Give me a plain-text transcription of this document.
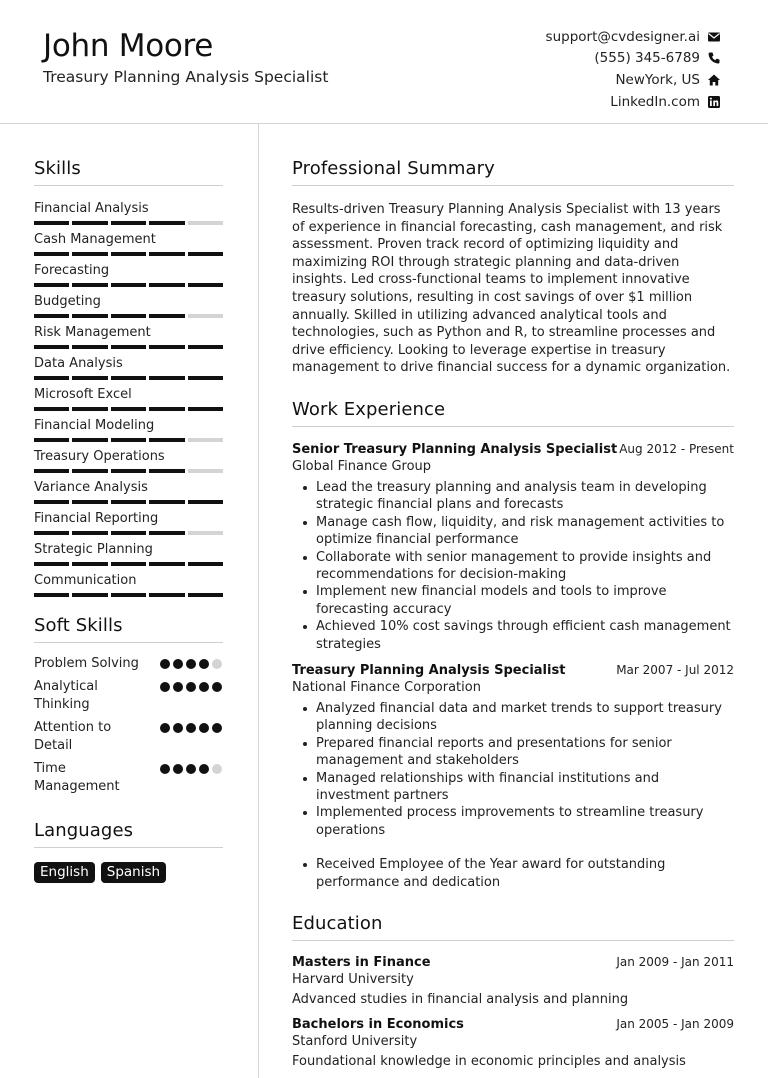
John Moore
Treasury Planning Analysis Specialist
support@cvdesigner.ai
(555) 345-6789
NewYork, US
LinkedIn.com
Skills
Financial Analysis
Cash Management
Forecasting
Budgeting
Risk Management
Data Analysis
Microsoft Excel
Financial Modeling
Treasury Operations
Variance Analysis
Financial Reporting
Strategic Planning
Communication
Soft Skills
Problem Solving
Analytical Thinking
Attention to Detail
Time Management
Languages
English	Spanish
Professional Summary
Results-driven Treasury Planning Analysis Specialist with 13 years of experience in financial forecasting, cash management, and risk assessment. Proven track record of optimizing liquidity and maximizing ROI through strategic planning and data-driven insights. Led cross-functional teams to implement innovative treasury solutions, resulting in cost savings of over $1 million annually. Skilled in utilizing advanced analytical tools and technologies, such as Python and R, to streamline processes and drive efficiency. Looking to leverage expertise in treasury management to drive financial success for a dynamic organization.
Work Experience
Senior Treasury Planning Analysis Specialist Aug 2012 - Present
Global Finance Group
Lead the treasury planning and analysis team in developing strategic financial plans and forecasts
Manage cash flow, liquidity, and risk management activities to optimize financial performance
Collaborate with senior management to provide insights and recommendations for decision-making
Implement new financial models and tools to improve forecasting accuracy
Achieved 10% cost savings through efficient cash management strategies
Treasury Planning Analysis Specialist	Mar 2007 - Jul 2012
National Finance Corporation
Analyzed financial data and market trends to support treasury planning decisions
Prepared financial reports and presentations for senior management and stakeholders
Managed relationships with financial institutions and investment partners
Implemented process improvements to streamline treasury operations
Received Employee of the Year award for outstanding performance and dedication
Education
Masters in Finance	Jan 2009 - Jan 2011
Harvard University
Advanced studies in financial analysis and planning
Bachelors in Economics	Jan 2005 - Jan 2009
Stanford University
Foundational knowledge in economic principles and analysis
